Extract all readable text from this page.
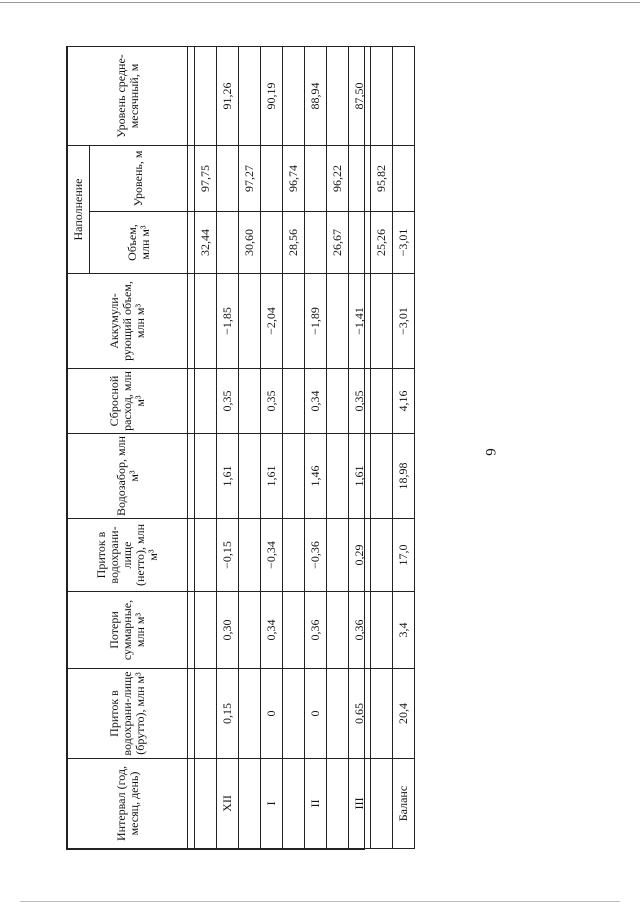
6
Интервал (год, месяц, день)	Приток в водохрани-лище (брутто), млн м³	Потери суммарные, млн м³	Приток в водохрани-лище (нетто), млн м³	Водозабор, млн м³	Сбросной расход, млн м³	Аккумули-рующий объем, млн м³	Наполнение		Уровень средне-месячный, м
							Объем, млн м³	Уровень, м	

							32,44	97,75	
XII	0,15	0,30	−0,15	1,61	0,35	−1,85			91,26
							30,60	97,27	
I	0	0,34	−0,34	1,61	0,35	−2,04			90,19
							28,56	96,74	
II	0	0,36	−0,36	1,46	0,34	−1,89			88,94
							26,67	96,22	
III	0,65	0,36	0,29	1,61	0,35	−1,41			87,50
							25,26	95,82	
Баланс	20,4	3,4	17,0	18,98	4,16	−3,01	−3,01		
